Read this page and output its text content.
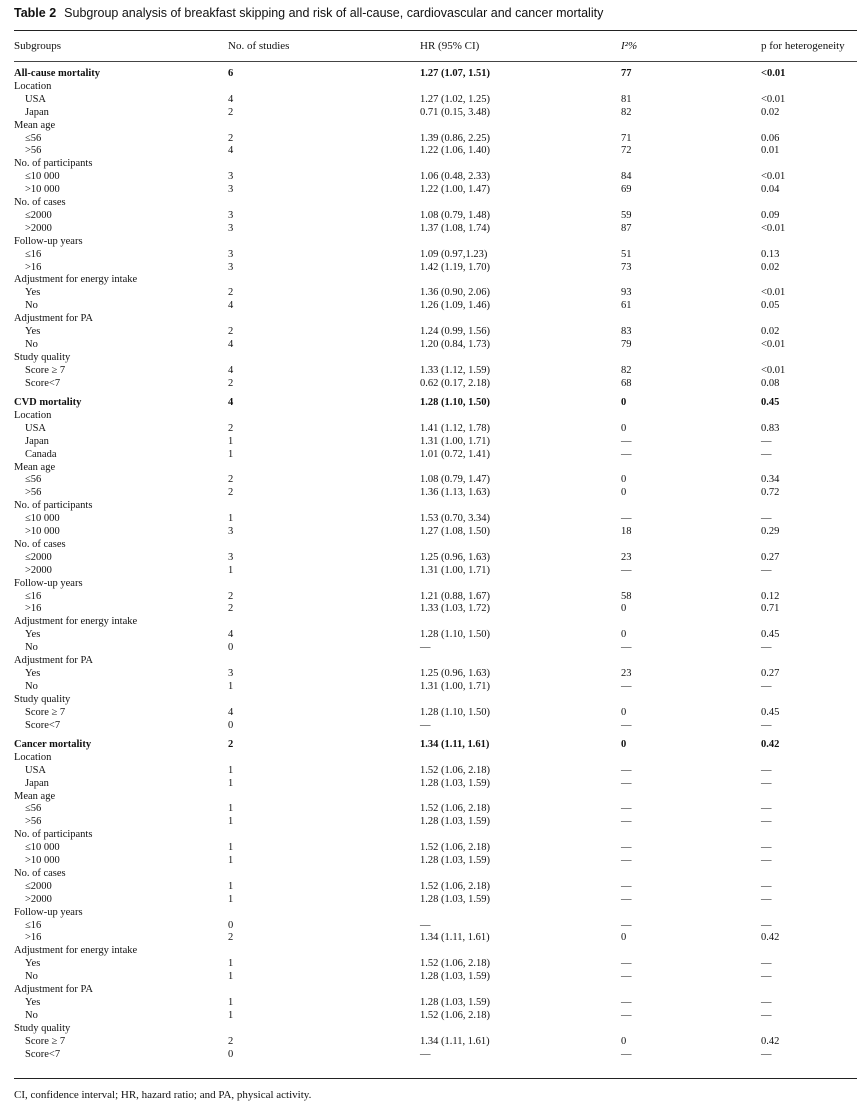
Table 2 Subgroup analysis of breakfast skipping and risk of all-cause, cardiovascular and cancer mortality
Subgroups	No. of studies	HR (95% CI)	I²%	p for heterogeneity
All-cause mortality	6	1.27 (1.07, 1.51)	77	<0.01
Location
USA	4	1.27 (1.02, 1.25)	81	<0.01
Japan	2	0.71 (0.15, 3.48)	82	0.02
Mean age
≤56	2	1.39 (0.86, 2.25)	71	0.06
>56	4	1.22 (1.06, 1.40)	72	0.01
No. of participants
≤10 000	3	1.06 (0.48, 2.33)	84	<0.01
>10 000	3	1.22 (1.00, 1.47)	69	0.04
No. of cases
≤2000	3	1.08 (0.79, 1.48)	59	0.09
>2000	3	1.37 (1.08, 1.74)	87	<0.01
Follow-up years
≤16	3	1.09 (0.97,1.23)	51	0.13
>16	3	1.42 (1.19, 1.70)	73	0.02
Adjustment for energy intake
Yes	2	1.36 (0.90, 2.06)	93	<0.01
No	4	1.26 (1.09, 1.46)	61	0.05
Adjustment for PA
Yes	2	1.24 (0.99, 1.56)	83	0.02
No	4	1.20 (0.84, 1.73)	79	<0.01
Study quality
Score ≥ 7	4	1.33 (1.12, 1.59)	82	<0.01
Score<7	2	0.62 (0.17, 2.18)	68	0.08
CVD mortality	4	1.28 (1.10, 1.50)	0	0.45
Location
USA	2	1.41 (1.12, 1.78)	0	0.83
Japan	1	1.31 (1.00, 1.71)	—	—
Canada	1	1.01 (0.72, 1.41)	—	—
Mean age
≤56	2	1.08 (0.79, 1.47)	0	0.34
>56	2	1.36 (1.13, 1.63)	0	0.72
No. of participants
≤10 000	1	1.53 (0.70, 3.34)	—	—
>10 000	3	1.27 (1.08, 1.50)	18	0.29
No. of cases
≤2000	3	1.25 (0.96, 1.63)	23	0.27
>2000	1	1.31 (1.00, 1.71)	—	—
Follow-up years
≤16	2	1.21 (0.88, 1.67)	58	0.12
>16	2	1.33 (1.03, 1.72)	0	0.71
Adjustment for energy intake
Yes	4	1.28 (1.10, 1.50)	0	0.45
No	0	—	—	—
Adjustment for PA
Yes	3	1.25 (0.96, 1.63)	23	0.27
No	1	1.31 (1.00, 1.71)	—	—
Study quality
Score ≥ 7	4	1.28 (1.10, 1.50)	0	0.45
Score<7	0	—	—	—
Cancer mortality	2	1.34 (1.11, 1.61)	0	0.42
Location
USA	1	1.52 (1.06, 2.18)	—	—
Japan	1	1.28 (1.03, 1.59)	—	—
Mean age
≤56	1	1.52 (1.06, 2.18)	—	—
>56	1	1.28 (1.03, 1.59)	—	—
No. of participants
≤10 000	1	1.52 (1.06, 2.18)	—	—
>10 000	1	1.28 (1.03, 1.59)	—	—
No. of cases
≤2000	1	1.52 (1.06, 2.18)	—	—
>2000	1	1.28 (1.03, 1.59)	—	—
Follow-up years
≤16	0	—	—	—
>16	2	1.34 (1.11, 1.61)	0	0.42
Adjustment for energy intake
Yes	1	1.52 (1.06, 2.18)	—	—
No	1	1.28 (1.03, 1.59)	—	—
Adjustment for PA
Yes	1	1.28 (1.03, 1.59)	—	—
No	1	1.52 (1.06, 2.18)	—	—
Study quality
Score ≥ 7	2	1.34 (1.11, 1.61)	0	0.42
Score<7	0	—	—	—
CI, confidence interval; HR, hazard ratio; and PA, physical activity.
